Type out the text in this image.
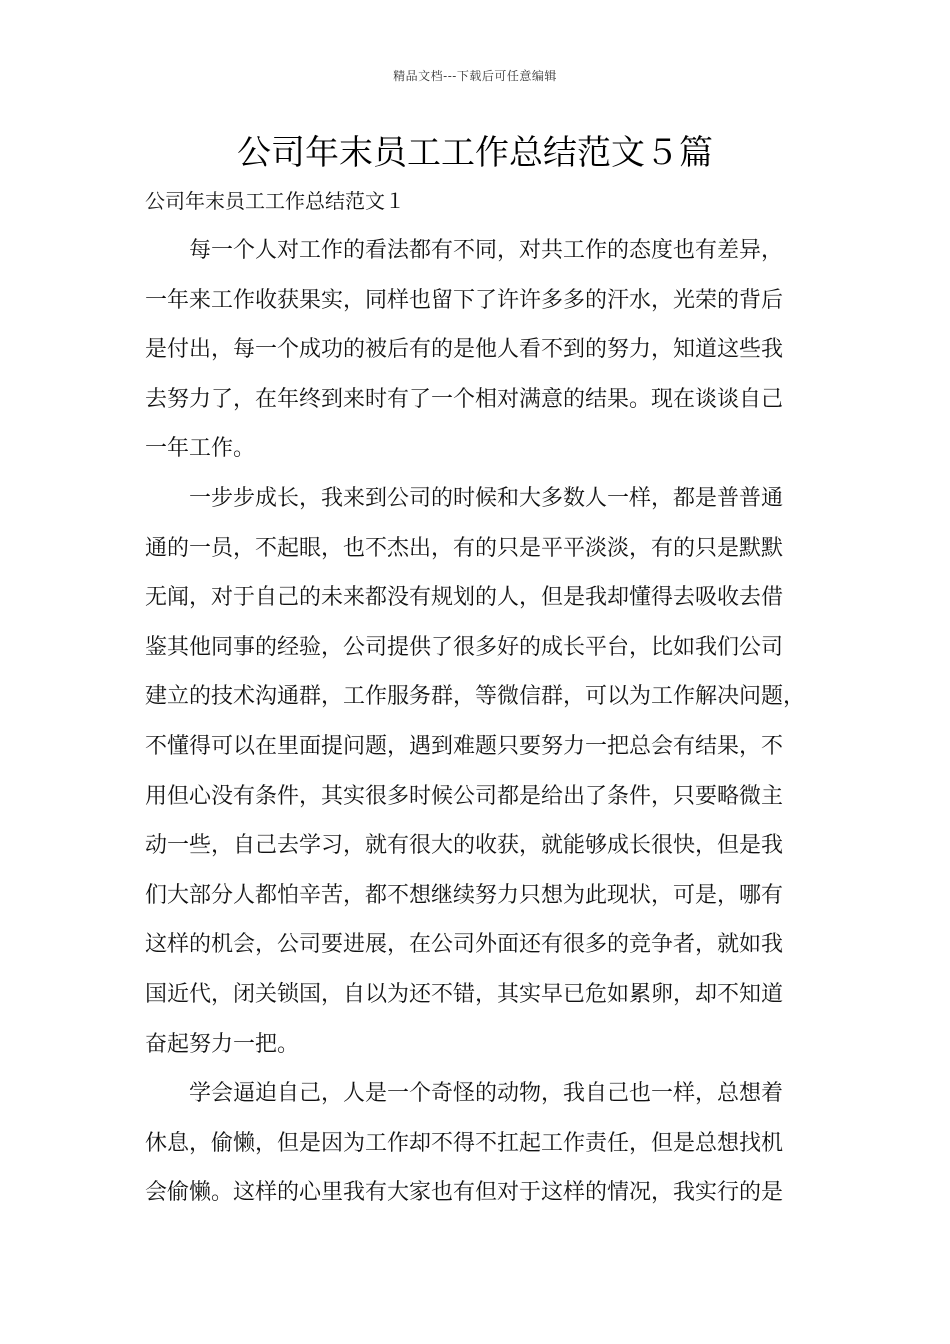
精品文档---下载后可任意编辑
公司年末员工工作总结范文５篇
公司年末员工工作总结范文１
每一个人对工作的看法都有不同，对共工作的态度也有差异，
一年来工作收获果实，同样也留下了许许多多的汗水，光荣的背后
是付出，每一个成功的被后有的是他人看不到的努力，知道这些我
去努力了，在年终到来时有了一个相对满意的结果。现在谈谈自己
一年工作。
一步步成长，我来到公司的时候和大多数人一样，都是普普通
通的一员，不起眼，也不杰出，有的只是平平淡淡，有的只是默默
无闻，对于自己的未来都没有规划的人，但是我却懂得去吸收去借
鉴其他同事的经验，公司提供了很多好的成长平台，比如我们公司
建立的技术沟通群，工作服务群，等微信群，可以为工作解决问题，
不懂得可以在里面提问题，遇到难题只要努力一把总会有结果，不
用但心没有条件，其实很多时候公司都是给出了条件，只要略微主
动一些，自己去学习，就有很大的收获，就能够成长很快，但是我
们大部分人都怕辛苦，都不想继续努力只想为此现状，可是，哪有
这样的机会，公司要进展，在公司外面还有很多的竞争者，就如我
国近代，闭关锁国，自以为还不错，其实早已危如累卵，却不知道
奋起努力一把。
学会逼迫自己，人是一个奇怪的动物，我自己也一样，总想着
休息，偷懒，但是因为工作却不得不扛起工作责任，但是总想找机
会偷懒。这样的心里我有大家也有但对于这样的情况，我实行的是
